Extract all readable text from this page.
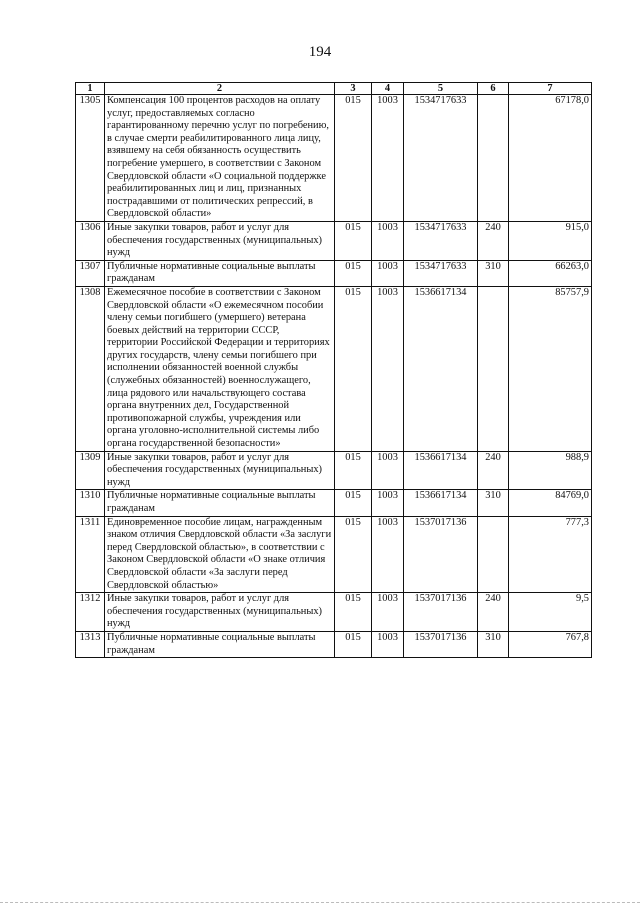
194
1	2	3	4	5	6	7
1305	Компенсация 100 процентов расходов на оплату услуг, предоставляемых согласно гарантированному перечню услуг по погребению, в случае смерти реабилитированного лица лицу, взявшему на себя обязанность осуществить погребение умершего, в соответствии с Законом Свердловской области «О социальной поддержке реабилитированных лиц и лиц, признанных пострадавшими от политических репрессий, в Свердловской области»	015	1003	1534717633		67178,0
1306	Иные закупки товаров, работ и услуг для обеспечения государственных (муниципальных) нужд	015	1003	1534717633	240	915,0
1307	Публичные нормативные социальные выплаты гражданам	015	1003	1534717633	310	66263,0
1308	Ежемесячное пособие в соответствии с Законом Свердловской области «О ежемесячном пособии члену семьи погибшего (умершего) ветерана боевых действий на территории СССР, территории Российской Федерации и территориях других государств, члену семьи погибшего при исполнении обязанностей военной службы (служебных обязанностей) военнослужащего, лица рядового или начальствующего состава органа внутренних дел, Государственной противопожарной службы, учреждения или органа уголовно-исполнительной системы либо органа государственной безопасности»	015	1003	1536617134		85757,9
1309	Иные закупки товаров, работ и услуг для обеспечения государственных (муниципальных) нужд	015	1003	1536617134	240	988,9
1310	Публичные нормативные социальные выплаты гражданам	015	1003	1536617134	310	84769,0
1311	Единовременное пособие лицам, награжденным знаком отличия Свердловской области «За заслуги перед Свердловской областью», в соответствии с Законом Свердловской области «О знаке отличия Свердловской области «За заслуги перед Свердловской областью»	015	1003	1537017136		777,3
1312	Иные закупки товаров, работ и услуг для обеспечения государственных (муниципальных) нужд	015	1003	1537017136	240	9,5
1313	Публичные нормативные социальные выплаты гражданам	015	1003	1537017136	310	767,8
